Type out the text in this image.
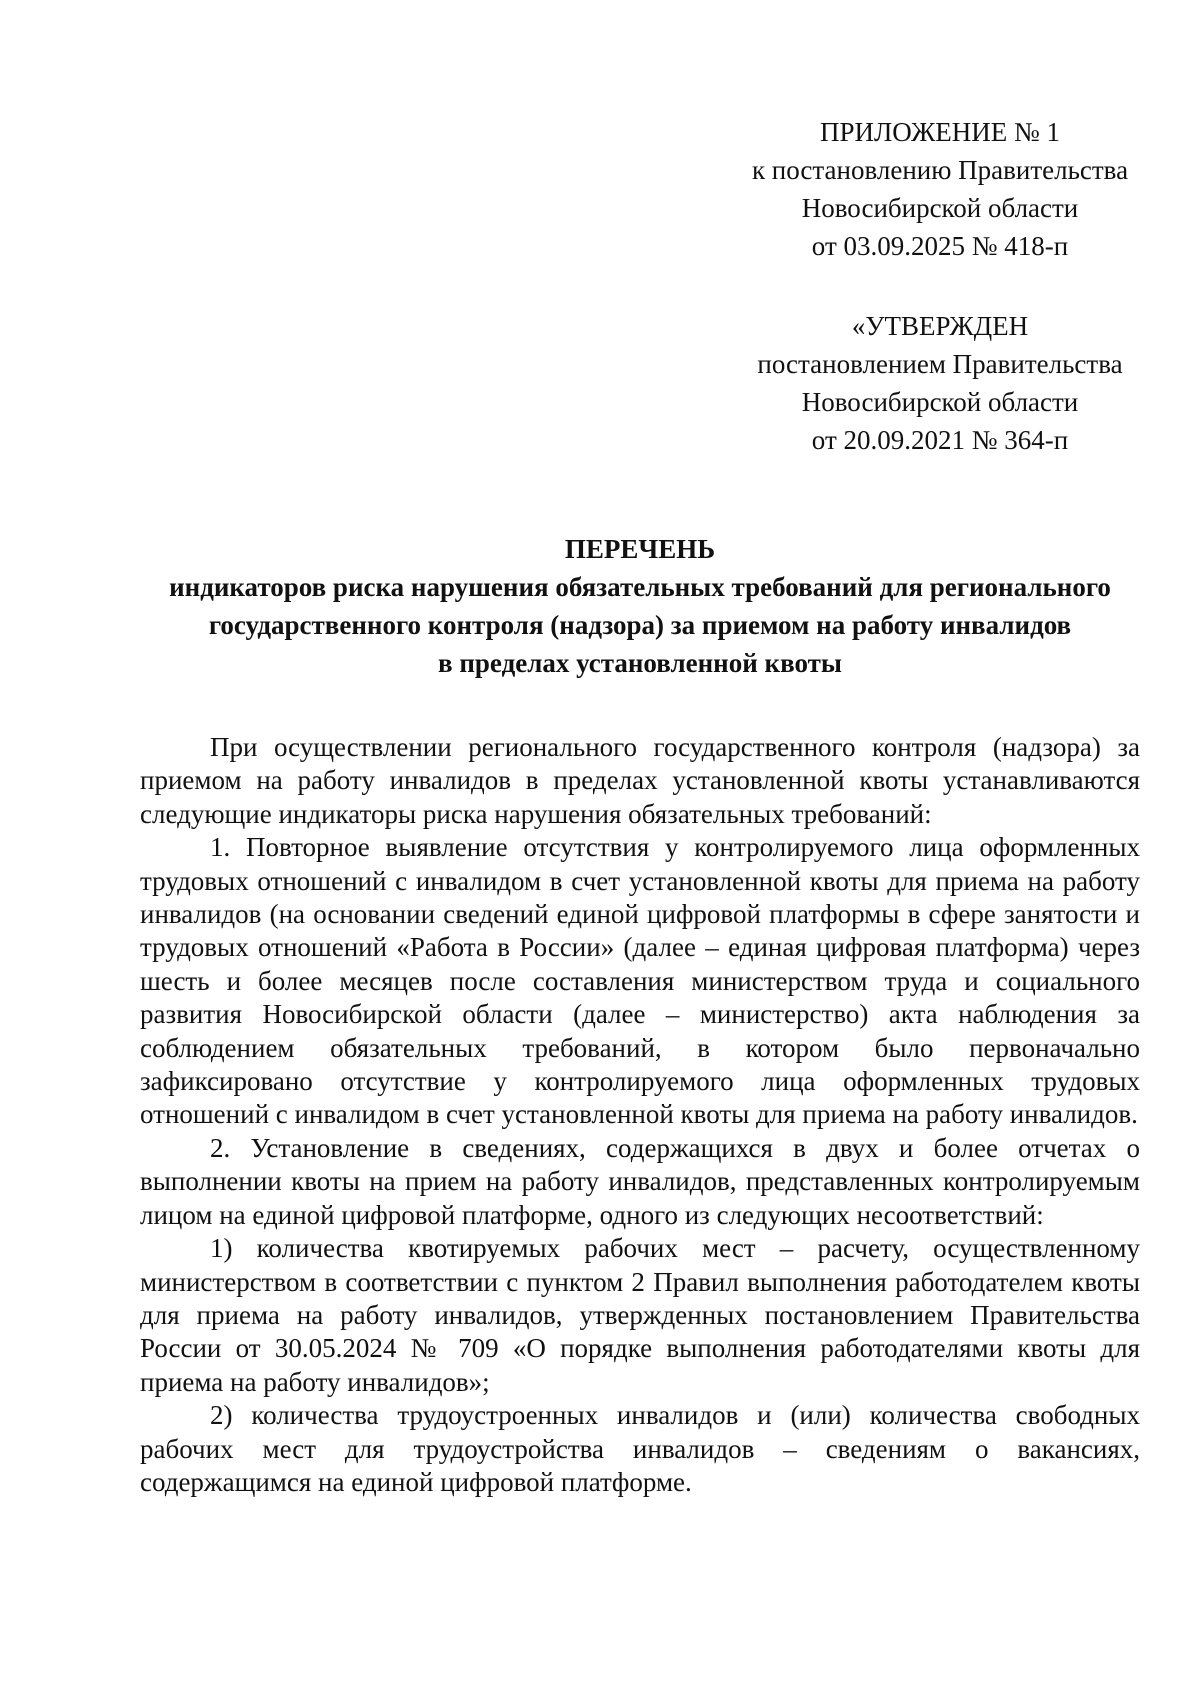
ПРИЛОЖЕНИЕ № 1
к постановлению Правительства
Новосибирской области
от 03.09.2025 № 418-п
«УТВЕРЖДЕН
постановлением Правительства
Новосибирской области
от 20.09.2021 № 364-п
ПЕРЕЧЕНЬ
индикаторов риска нарушения обязательных требований для регионального
государственного контроля (надзора) за приемом на работу инвалидов
в пределах установленной квоты

При осуществлении регионального государственного контроля (надзора) за приемом на работу инвалидов в пределах установленной квоты устанавливаются следующие индикаторы риска нарушения обязательных требований:

1. Повторное выявление отсутствия у контролируемого лица оформленных трудовых отношений с инвалидом в счет установленной квоты для приема на работу инвалидов (на основании сведений единой цифровой платформы в сфере занятости и трудовых отношений «Работа в России» (далее – единая цифровая платформа) через шесть и более месяцев после составления министерством труда и социального развития Новосибирской области (далее – министерство) акта наблюдения за соблюдением обязательных требований, в котором было первоначально зафиксировано отсутствие у контролируемого лица оформленных трудовых отношений с инвалидом в счет установленной квоты для приема на работу инвалидов.

2. Установление в сведениях, содержащихся в двух и более отчетах о выполнении квоты на прием на работу инвалидов, представленных контролируемым лицом на единой цифровой платформе, одного из следующих несоответствий:

1) количества квотируемых рабочих мест – расчету, осуществленному министерством в соответствии с пунктом 2 Правил выполнения работодателем квоты для приема на работу инвалидов, утвержденных постановлением Правительства России от 30.05.2024 № 709 «О порядке выполнения работодателями квоты для приема на работу инвалидов»;

2) количества трудоустроенных инвалидов и (или) количества свободных рабочих мест для трудоустройства инвалидов – сведениям о вакансиях, содержащимся на единой цифровой платформе.
